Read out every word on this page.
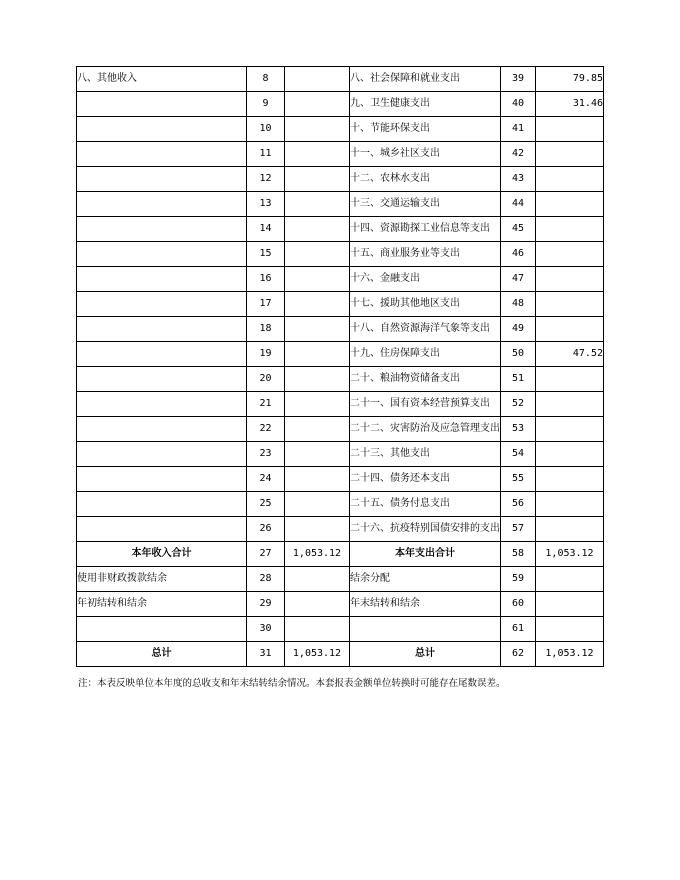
八、其他收入	8		八、社会保障和就业支出	39	79.85
	9		九、卫生健康支出	40	31.46
	10		十、节能环保支出	41	
	11		十一、城乡社区支出	42	
	12		十二、农林水支出	43	
	13		十三、交通运输支出	44	
	14		十四、资源勘探工业信息等支出	45	
	15		十五、商业服务业等支出	46	
	16		十六、金融支出	47	
	17		十七、援助其他地区支出	48	
	18		十八、自然资源海洋气象等支出	49	
	19		十九、住房保障支出	50	47.52
	20		二十、粮油物资储备支出	51	
	21		二十一、国有资本经营预算支出	52	
	22		二十二、灾害防治及应急管理支出	53	
	23		二十三、其他支出	54	
	24		二十四、债务还本支出	55	
	25		二十五、债务付息支出	56	
	26		二十六、抗疫特别国债安排的支出	57	
本年收入合计	27	1,053.12	本年支出合计	58	1,053.12
使用非财政拨款结余	28		结余分配	59	
年初结转和结余	29		年末结转和结余	60	
	30			61	
总计	31	1,053.12	总计	62	1,053.12
注：本表反映单位本年度的总收支和年末结转结余情况。本套报表金额单位转换时可能存在尾数误差。
